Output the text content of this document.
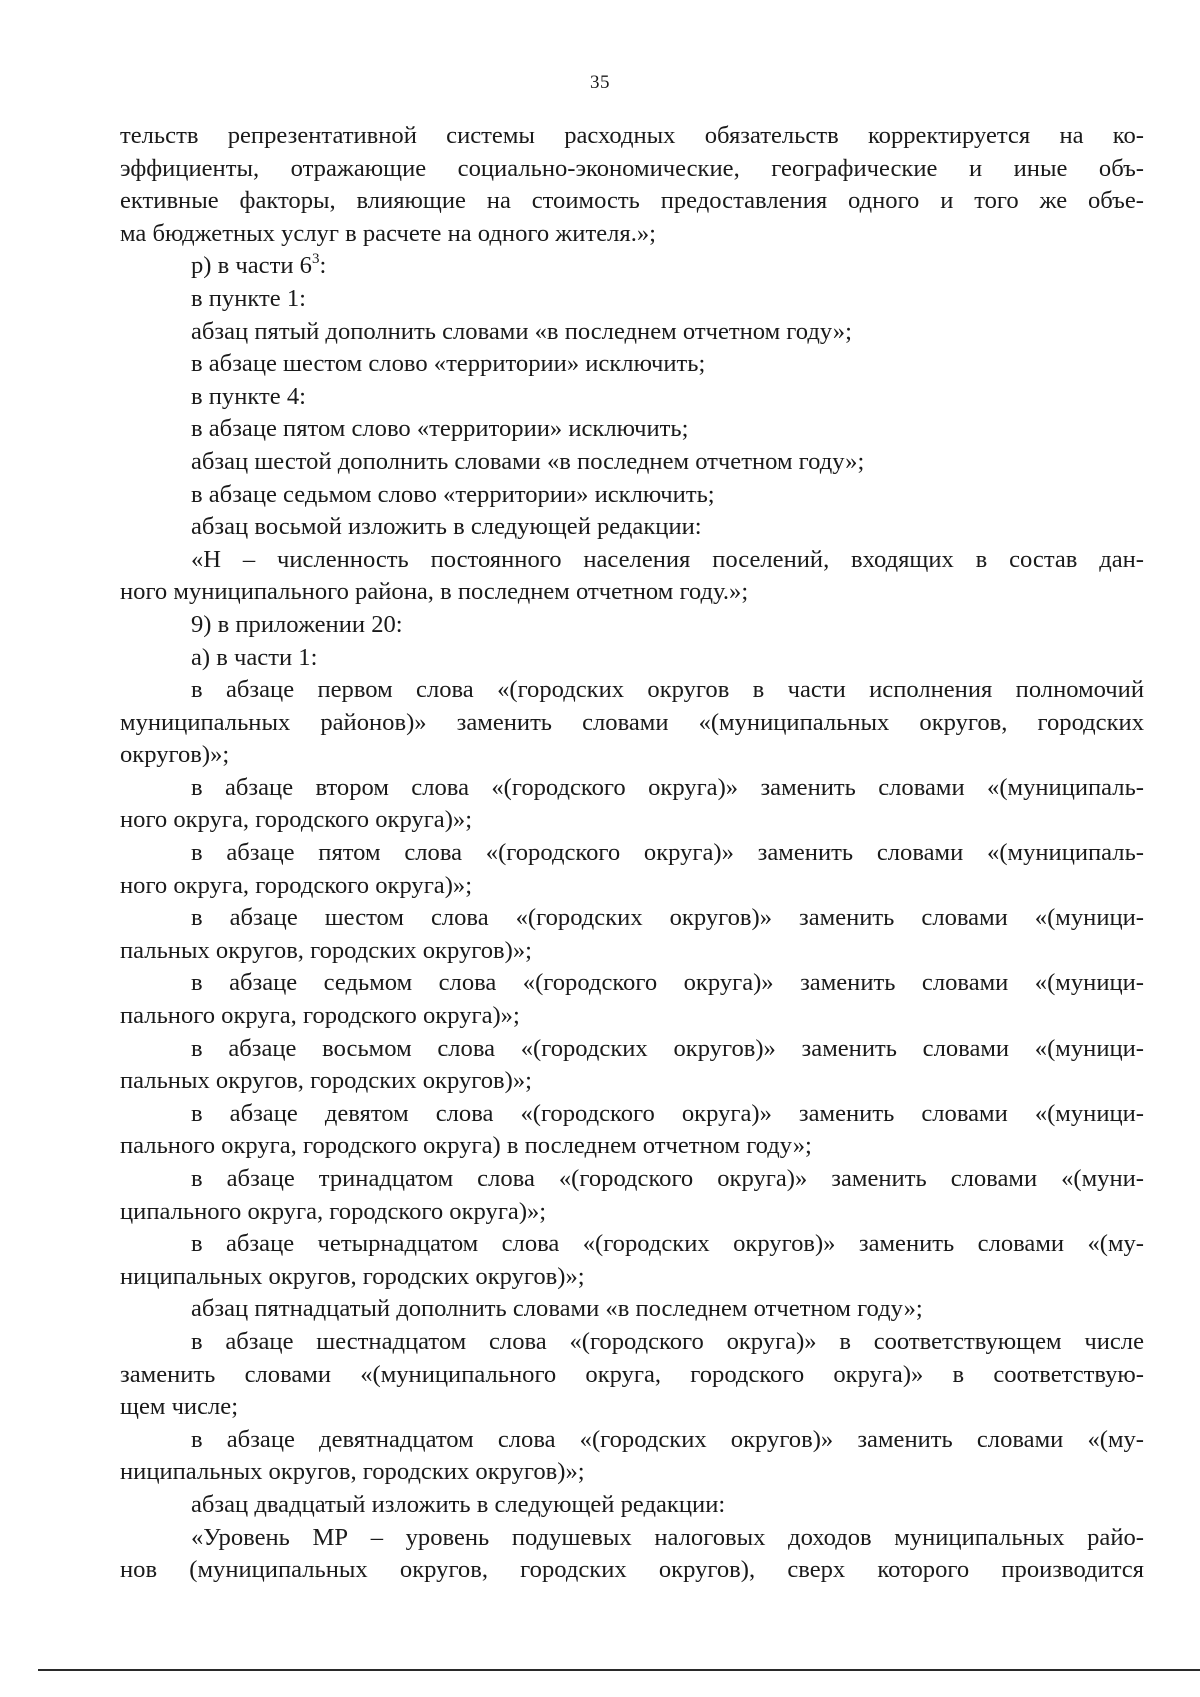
35
тельств репрезентативной системы расходных обязательств корректируется на ко-
эффициенты, отражающие социально-экономические, географические и иные объ-
ективные факторы, влияющие на стоимость предоставления одного и того же объе-
ма бюджетных услуг в расчете на одного жителя.»;
р) в части $6^3$:
в пункте 1:
абзац пятый дополнить словами «в последнем отчетном году»;
в абзаце шестом слово «территории» исключить;
в пункте 4:
в абзаце пятом слово «территории» исключить;
абзац шестой дополнить словами «в последнем отчетном году»;
в абзаце седьмом слово «территории» исключить;
абзац восьмой изложить в следующей редакции:
«Н – численность постоянного населения поселений, входящих в состав дан-
ного муниципального района, в последнем отчетном году.»;
9) в приложении 20:
а) в части 1:
в абзаце первом слова «(городских округов в части исполнения полномочий
муниципальных районов)» заменить словами «(муниципальных округов, городских
округов)»;
в абзаце втором слова «(городского округа)» заменить словами «(муниципаль-
ного округа, городского округа)»;
в абзаце пятом слова «(городского округа)» заменить словами «(муниципаль-
ного округа, городского округа)»;
в абзаце шестом слова «(городских округов)» заменить словами «(муници-
пальных округов, городских округов)»;
в абзаце седьмом слова «(городского округа)» заменить словами «(муници-
пального округа, городского округа)»;
в абзаце восьмом слова «(городских округов)» заменить словами «(муници-
пальных округов, городских округов)»;
в абзаце девятом слова «(городского округа)» заменить словами «(муници-
пального округа, городского округа) в последнем отчетном году»;
в абзаце тринадцатом слова «(городского округа)» заменить словами «(муни-
ципального округа, городского округа)»;
в абзаце четырнадцатом слова «(городских округов)» заменить словами «(му-
ниципальных округов, городских округов)»;
абзац пятнадцатый дополнить словами «в последнем отчетном году»;
в абзаце шестнадцатом слова «(городского округа)» в соответствующем числе
заменить словами «(муниципального округа, городского округа)» в соответствую-
щем числе;
в абзаце девятнадцатом слова «(городских округов)» заменить словами «(му-
ниципальных округов, городских округов)»;
абзац двадцатый изложить в следующей редакции:
«Уровень МР – уровень подушевых налоговых доходов муниципальных райо-
нов (муниципальных округов, городских округов), сверх которого производится
